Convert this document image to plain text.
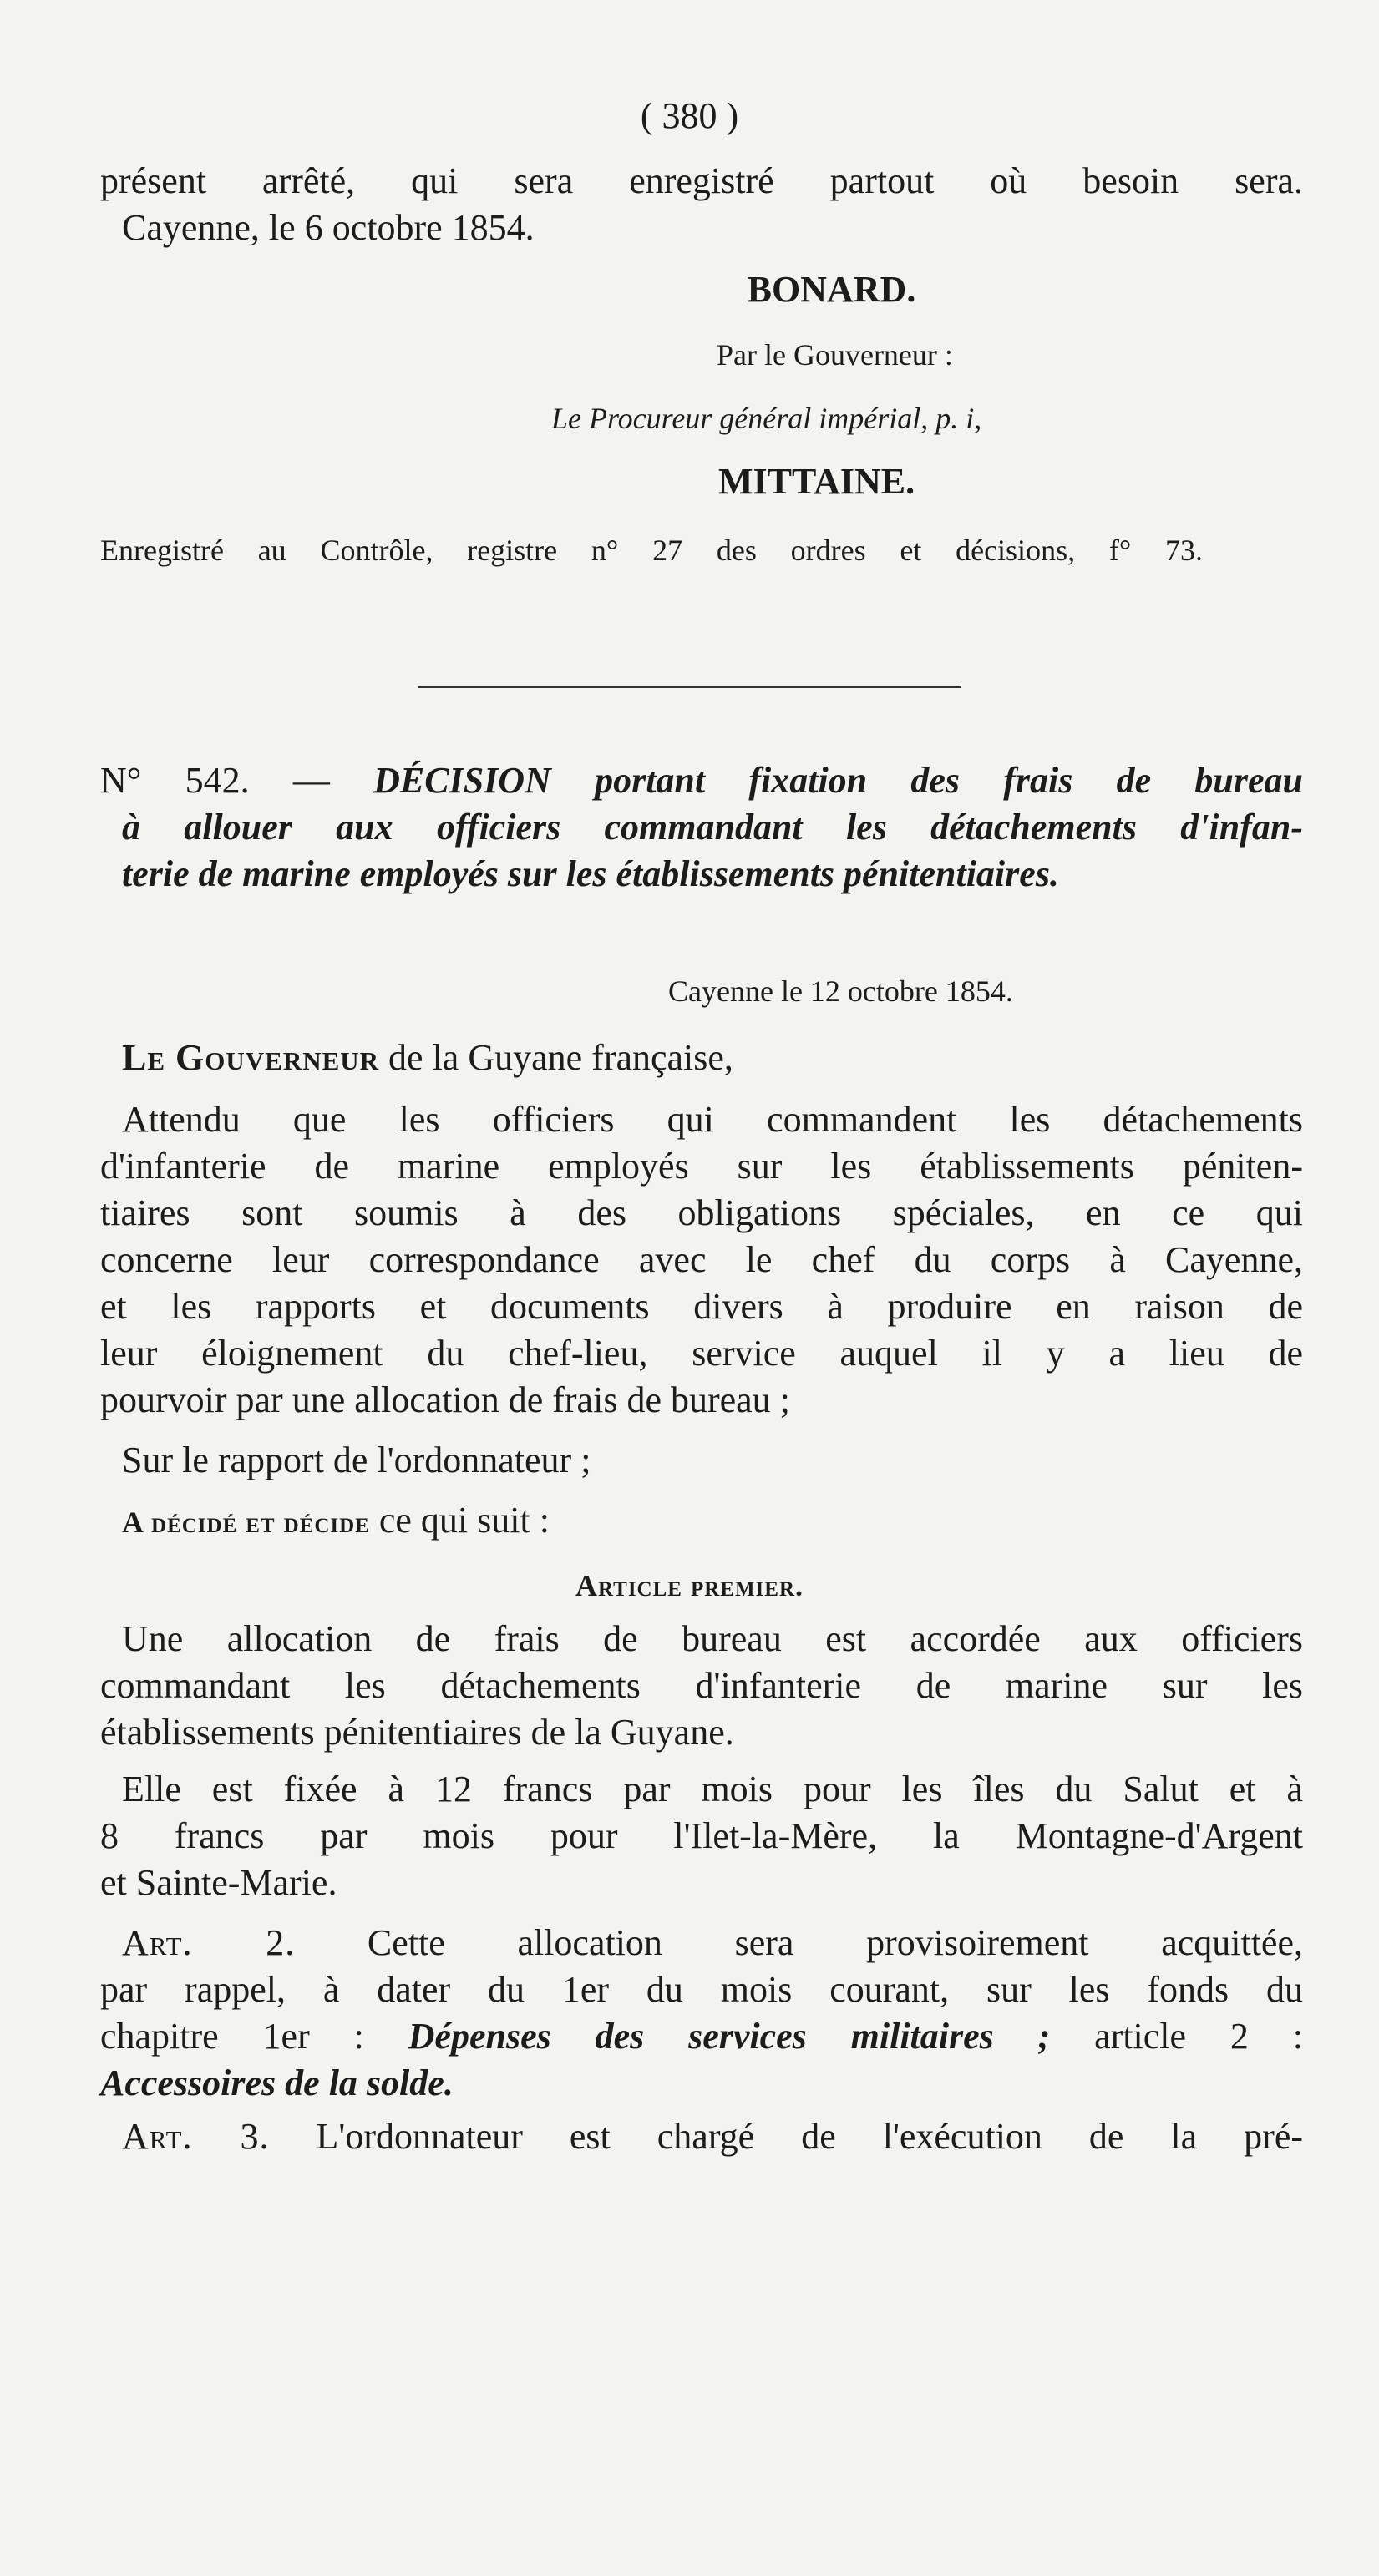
( 380 )
présent arrêté, qui sera enregistré partout où besoin sera.
Cayenne, le 6 octobre 1854.
BONARD.
Par le Gouverneur :
Le Procureur général impérial, p. i,
MITTAINE.
Enregistré au Contrôle, registre n° 27 des ordres et décisions, f° 73.
N° 542. — DÉCISION portant fixation des frais de bureau
à allouer aux officiers commandant les détachements d'infan-
terie de marine employés sur les établissements pénitentiaires.
Cayenne le 12 octobre 1854.
Le Gouverneur de la Guyane française,
Attendu que les officiers qui commandent les détachements
d'infanterie de marine employés sur les établissements péniten-
tiaires sont soumis à des obligations spéciales, en ce qui
concerne leur correspondance avec le chef du corps à Cayenne,
et les rapports et documents divers à produire en raison de
leur éloignement du chef-lieu, service auquel il y a lieu de
pourvoir par une allocation de frais de bureau ;
Sur le rapport de l'ordonnateur ;
A décidé et décide ce qui suit :
Article premier.
Une allocation de frais de bureau est accordée aux officiers
commandant les détachements d'infanterie de marine sur les
établissements pénitentiaires de la Guyane.
Elle est fixée à 12 francs par mois pour les îles du Salut et à
8 francs par mois pour l'Ilet-la-Mère, la Montagne-d'Argent
et Sainte-Marie.
Art. 2. Cette allocation sera provisoirement acquittée,
par rappel, à dater du 1er du mois courant, sur les fonds du
chapitre 1er : Dépenses des services militaires ; article 2 :
Accessoires de la solde.
Art. 3. L'ordonnateur est chargé de l'exécution de la pré-
